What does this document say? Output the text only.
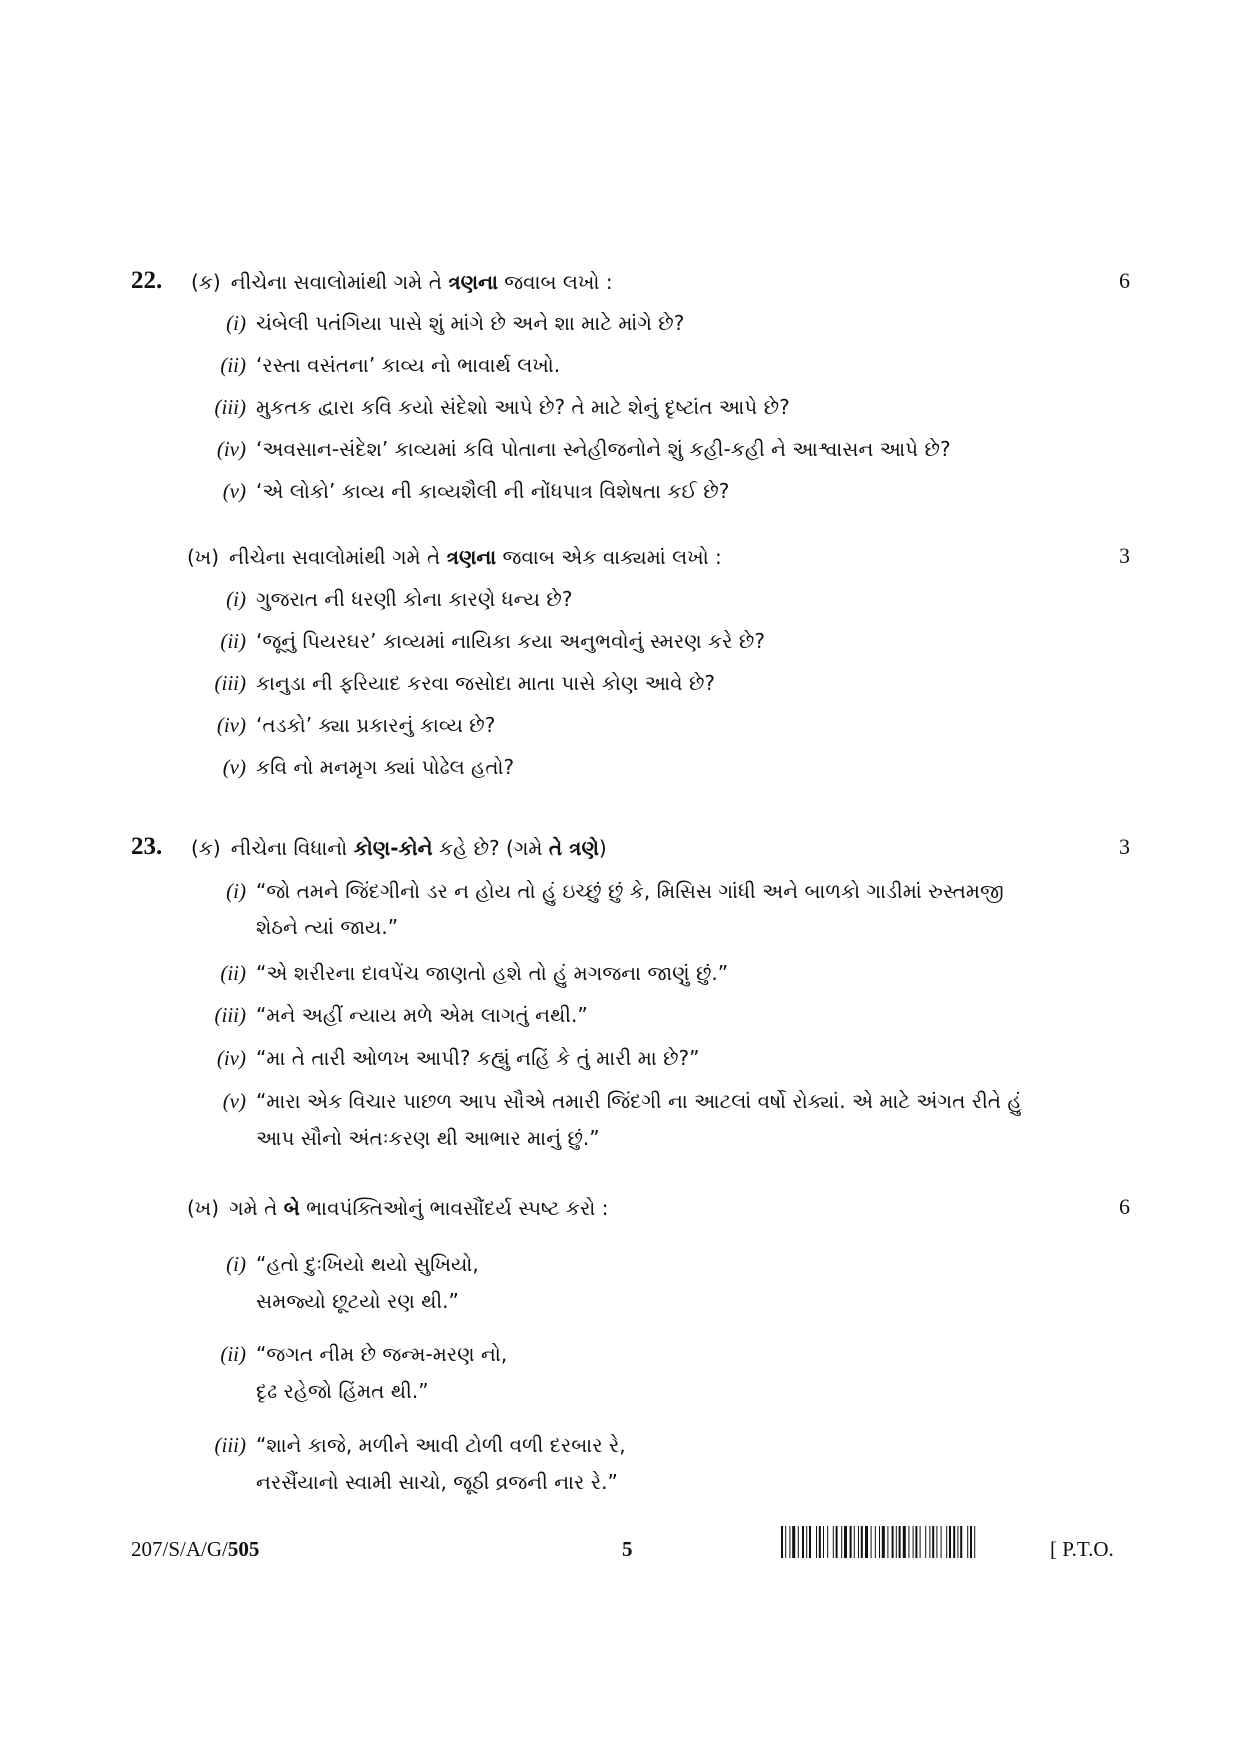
22. (ક) નીચેના સવાલોમાંથી ગમે તે ત્રણના જવાબ લખો :	6
(i) ચંબેલી પતંગિયા પાસે શું માંગે છે અને શા માટે માંગે છે?
(ii) ‘રસ્તા વસંતના’ કાવ્ય નો ભાવાર્થ લખો.
(iii) મુકતક દ્વારા કવિ કયો સંદેશો આપે છે? તે માટે શેનું દૃષ્ટાંત આપે છે?
(iv) ‘અવસાન-સંદેશ’ કાવ્યમાં કવિ પોતાના સ્નેહીજનોને શું કહી-કહી ને આશ્વાસન આપે છે?
(v) ‘એ લોકો’ કાવ્ય ની કાવ્યશૈલી ની નોંધપાત્ર વિશેષતા કઈ છે?
(ખ) નીચેના સવાલોમાંથી ગમે તે ત્રણના જવાબ એક વાક્યમાં લખો :	3
(i) ગુજરાત ની ધરણી કોના કારણે ધન્ય છે?
(ii) ‘જૂનું પિયરઘર’ કાવ્યમાં નાયિકા કયા અનુભવોનું સ્મરણ કરે છે?
(iii) કાનુડા ની ફરિયાદ કરવા જસોદા માતા પાસે કોણ આવે છે?
(iv) ‘તડકો’ ક્યા પ્રકારનું કાવ્ય છે?
(v) કવિ નો મનમૃગ ક્યાં પોઢેલ હતો?
23. (ક) નીચેના વિધાનો કોણ-કોને કહે છે? (ગમે તે ત્રણે)	3
(i) “જો તમને જિંદગીનો ડર ન હોય તો હું ઇચ્છું છું કે, મિસિસ ગાંધી અને બાળકો ગાડીમાં રુસ્તમજી
શેઠને ત્યાં જાય.”
(ii) “એ શરીરના દાવપેંચ જાણતો હશે તો હું મગજના જાણું છું.”
(iii) “મને અહીં ન્યાય મળે એમ લાગતું નથી.”
(iv) “મા તે તારી ઓળખ આપી? કહ્યું નહિં કે તું મારી મા છે?”
(v) “મારા એક વિચાર પાછળ આપ સૌએ તમારી જિંદગી ના આટલાં વર્ષો રોક્યાં. એ માટે અંગત રીતે હું
આપ સૌનો અંતઃકરણ થી આભાર માનું છું.”
(ખ) ગમે તે બે ભાવપંક્તિઓનું ભાવસૌંદર્ય સ્પષ્ટ કરો :	6
(i) “હતો દુઃખિયો થયો સુખિયો,
સમજ્યો છૂટયો રણ થી.”
(ii) “જગત નીમ છે જન્મ-મરણ નો,
દૃઢ રહેજો હિંમત થી.”
(iii) “શાને કાજે, મળીને આવી ટોળી વળી દરબાર રે,
નરસૈંયાનો સ્વામી સાચો, જૂઠી વ્રજની નાર રે.”
207/S/A/G/505	5	[ P.T.O.
